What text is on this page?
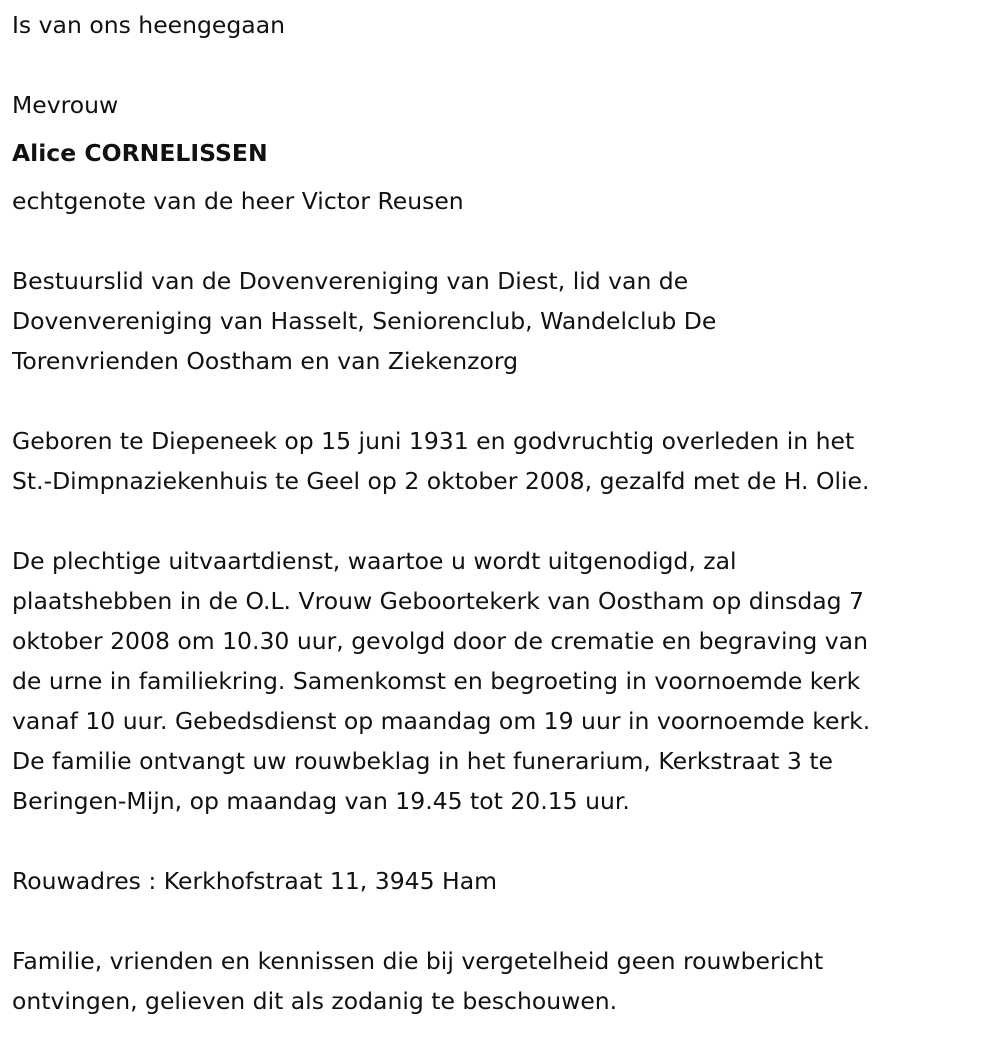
Is van ons heengegaan
Mevrouw
Alice CORNELISSEN
echtgenote van de heer Victor Reusen
Bestuurslid van de Dovenvereniging van Diest, lid van de
Dovenvereniging van Hasselt, Seniorenclub, Wandelclub De
Torenvrienden Oostham en van Ziekenzorg
Geboren te Diepeneek op 15 juni 1931 en godvruchtig overleden in het
St.-Dimpnaziekenhuis te Geel op 2 oktober 2008, gezalfd met de H. Olie.
De plechtige uitvaartdienst, waartoe u wordt uitgenodigd, zal
plaatshebben in de O.L. Vrouw Geboortekerk van Oostham op dinsdag 7
oktober 2008 om 10.30 uur, gevolgd door de crematie en begraving van
de urne in familiekring. Samenkomst en begroeting in voornoemde kerk
vanaf 10 uur. Gebedsdienst op maandag om 19 uur in voornoemde kerk.
De familie ontvangt uw rouwbeklag in het funerarium, Kerkstraat 3 te
Beringen-Mijn, op maandag van 19.45 tot 20.15 uur.
Rouwadres : Kerkhofstraat 11, 3945 Ham
Familie, vrienden en kennissen die bij vergetelheid geen rouwbericht
ontvingen, gelieven dit als zodanig te beschouwen.
